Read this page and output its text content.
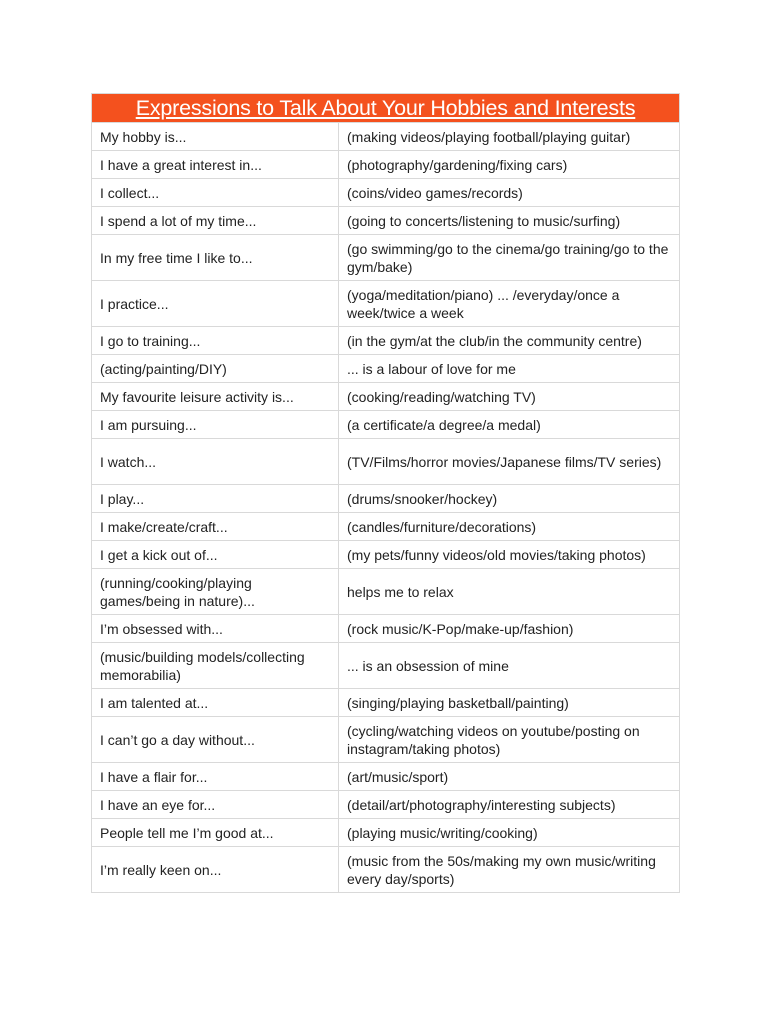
Expressions to Talk About Your Hobbies and Interests	
My hobby is...	(making videos/playing football/playing guitar)
I have a great interest in...	(photography/gardening/fixing cars)
I collect...	(coins/video games/records)
I spend a lot of my time...	(going to concerts/listening to music/surfing)
In my free time I like to...	(go swimming/go to the cinema/go training/go to the gym/bake)
I practice...	(yoga/meditation/piano) ... /everyday/once a week/twice a week
I go to training...	(in the gym/at the club/in the community centre)
(acting/painting/DIY)	... is a labour of love for me
My favourite leisure activity is...	(cooking/reading/watching TV)
I am pursuing...	(a certificate/a degree/a medal)
I watch...	(TV/Films/horror movies/Japanese films/TV series)
I play...	(drums/snooker/hockey)
I make/create/craft...	(candles/furniture/decorations)
I get a kick out of...	(my pets/funny videos/old movies/taking photos)
(running/cooking/playing games/being in nature)...	helps me to relax
I’m obsessed with...	(rock music/K-Pop/make-up/fashion)
(music/building models/collecting memorabilia)	... is an obsession of mine
I am talented at...	(singing/playing basketball/painting)
I can’t go a day without...	(cycling/watching videos on youtube/posting on instagram/taking photos)
I have a flair for...	(art/music/sport)
I have an eye for...	(detail/art/photography/interesting subjects)
People tell me I’m good at...	(playing music/writing/cooking)
I’m really keen on...	(music from the 50s/making my own music/writing every day/sports)
